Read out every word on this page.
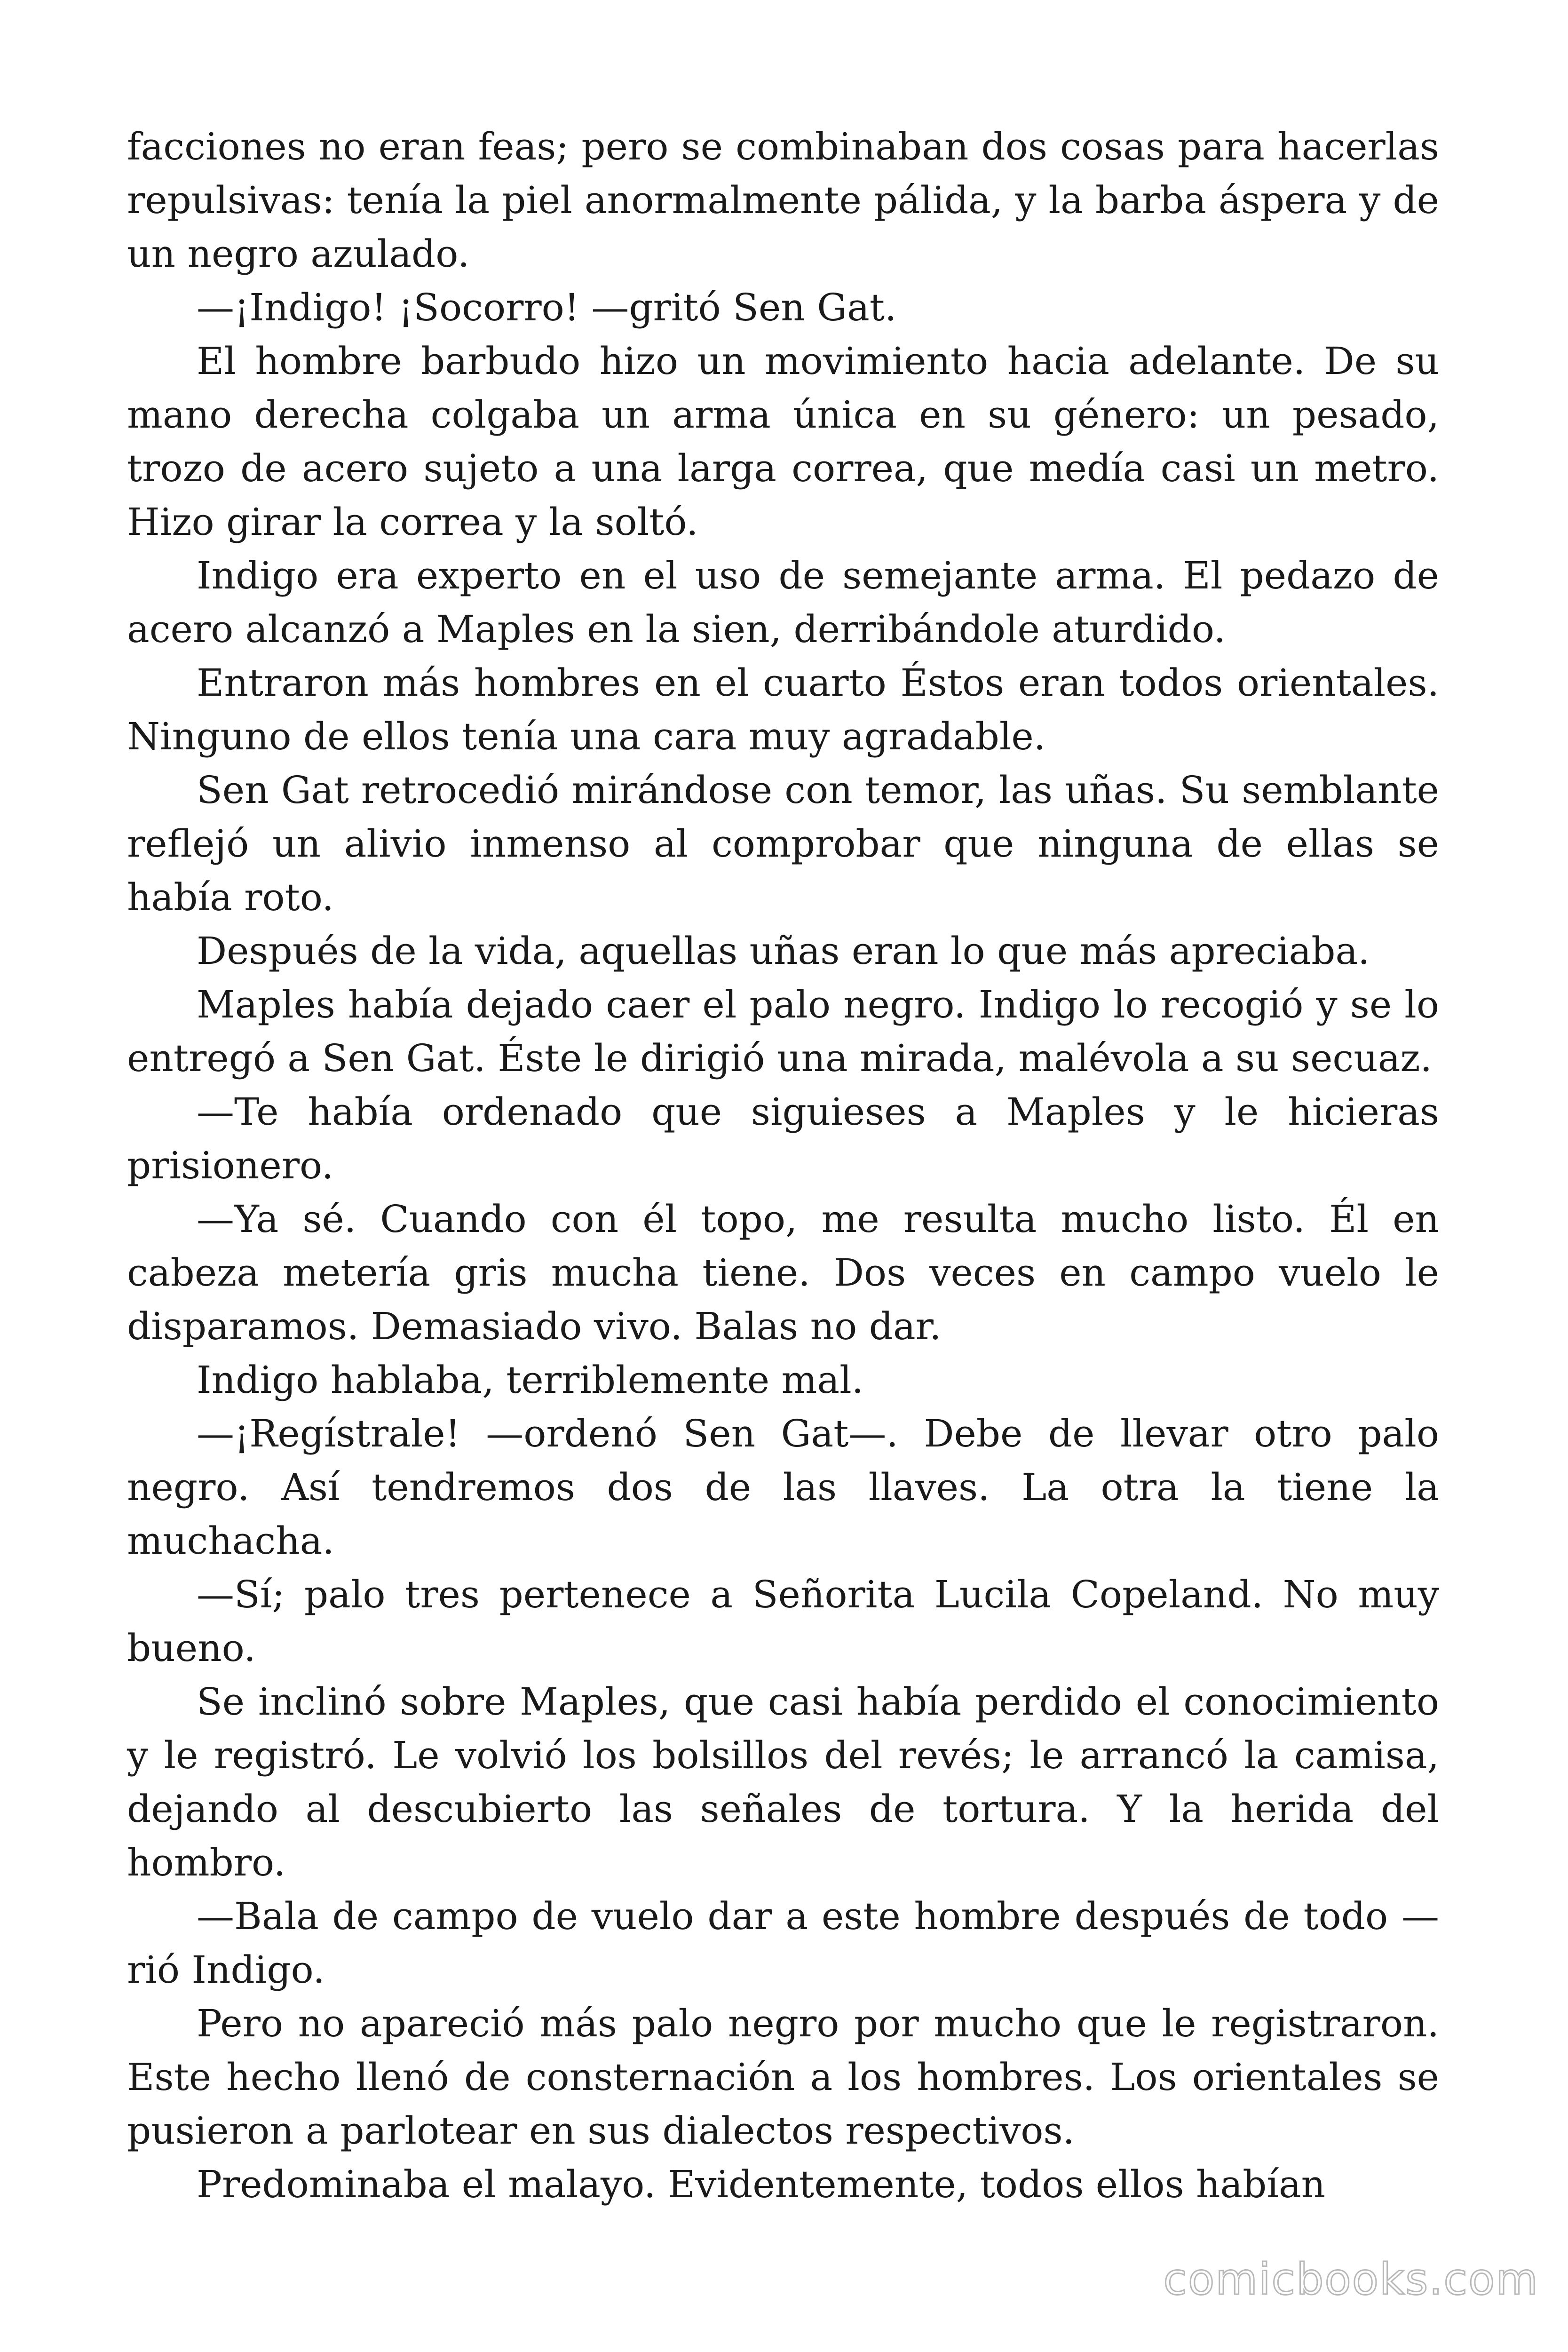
facciones no eran feas; pero se combinaban dos cosas para hacerlas repulsivas: tenía la piel anormalmente pálida, y la barba áspera y de un negro azulado.

—¡Indigo! ¡Socorro! —gritó Sen Gat.

El hombre barbudo hizo un movimiento hacia adelante. De su mano derecha colgaba un arma única en su género: un pesado, trozo de acero sujeto a una larga correa, que medía casi un metro. Hizo girar la correa y la soltó.

Indigo era experto en el uso de semejante arma. El pedazo de acero alcanzó a Maples en la sien, derribándole aturdido.

Entraron más hombres en el cuarto Éstos eran todos orientales. Ninguno de ellos tenía una cara muy agradable.

Sen Gat retrocedió mirándose con temor, las uñas. Su semblante reflejó un alivio inmenso al comprobar que ninguna de ellas se había roto.

Después de la vida, aquellas uñas eran lo que más apreciaba.

Maples había dejado caer el palo negro. Indigo lo recogió y se lo entregó a Sen Gat. Éste le dirigió una mirada, malévola a su secuaz.

—Te había ordenado que siguieses a Maples y le hicieras prisionero.

—Ya sé. Cuando con él topo, me resulta mucho listo. Él en cabeza metería gris mucha tiene. Dos veces en campo vuelo le disparamos. Demasiado vivo. Balas no dar.

Indigo hablaba, terriblemente mal.

—¡Regístrale! —ordenó Sen Gat—. Debe de llevar otro palo negro. Así tendremos dos de las llaves. La otra la tiene la muchacha.

—Sí; palo tres pertenece a Señorita Lucila Copeland. No muy bueno.

Se inclinó sobre Maples, que casi había perdido el conocimiento y le registró. Le volvió los bolsillos del revés; le arrancó la camisa, dejando al descubierto las señales de tortura. Y la herida del hombro.

—Bala de campo de vuelo dar a este hombre después de todo —rió Indigo.

Pero no apareció más palo negro por mucho que le registraron. Este hecho llenó de consternación a los hombres. Los orientales se pusieron a parlotear en sus dialectos respectivos.

Predominaba el malayo. Evidentemente, todos ellos habían

comicbooks.com
